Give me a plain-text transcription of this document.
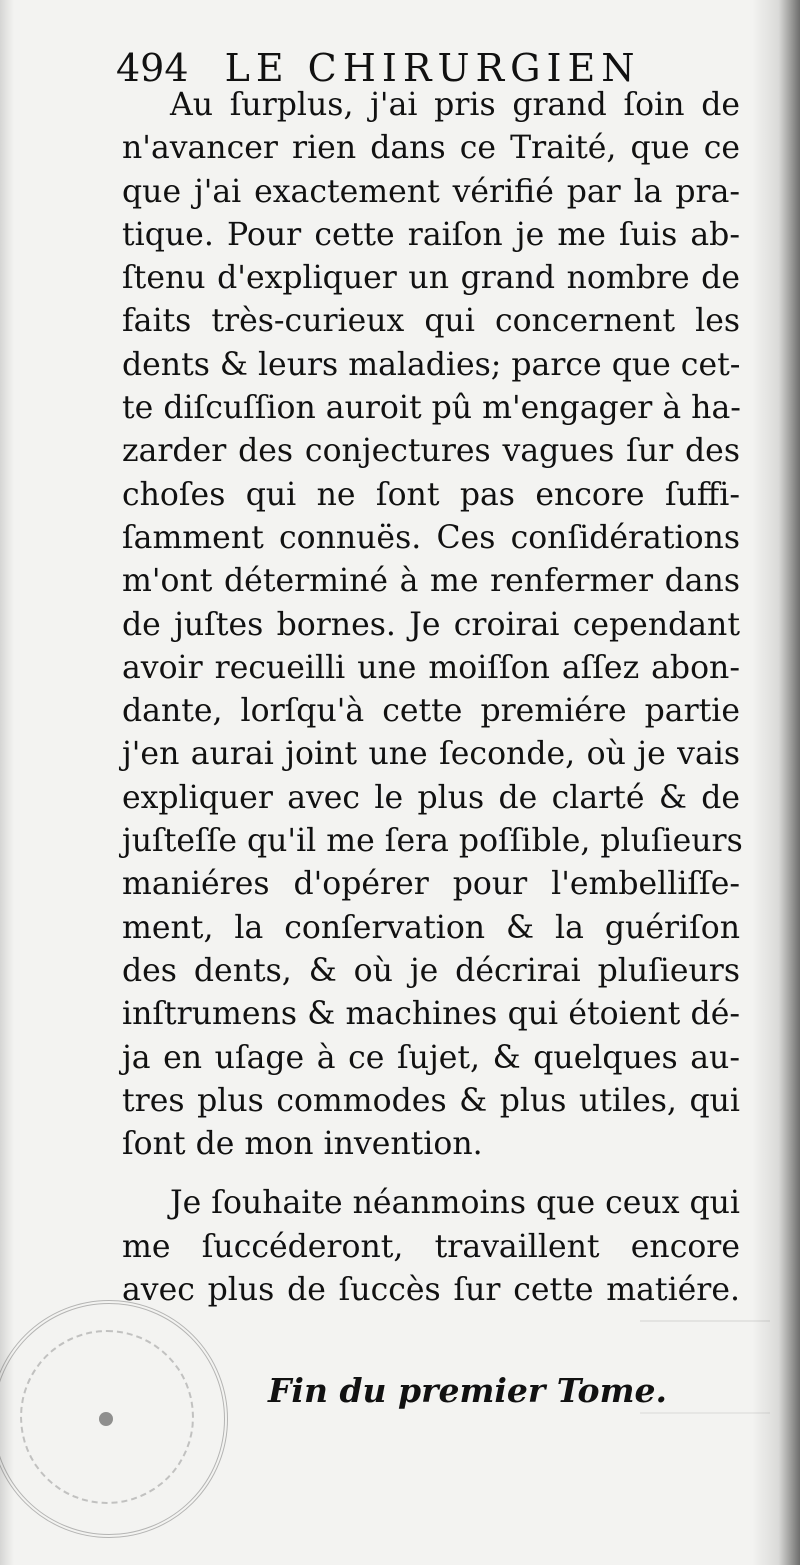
494 LE CHIRURGIEN
Au ſurplus, j'ai pris grand ſoin de
n'avancer rien dans ce Traité, que ce
que j'ai exactement vérifié par la pra-
tique. Pour cette raiſon je me ſuis ab-
ſtenu d'expliquer un grand nombre de
faits très-curieux qui concernent les
dents & leurs maladies; parce que cet-
te diſcuſſion auroit pû m'engager à ha-
zarder des conjectures vagues ſur des
choſes qui ne ſont pas encore ſuffi-
ſamment connuës. Ces conſidérations
m'ont déterminé à me renfermer dans
de juſtes bornes. Je croirai cependant
avoir recueilli une moiſſon aſſez abon-
dante, lorſqu'à cette premiére partie
j'en aurai joint une ſeconde, où je vais
expliquer avec le plus de clarté & de
juſteſſe qu'il me ſera poſſible, pluſieurs
maniéres d'opérer pour l'embelliſſe-
ment, la conſervation & la guériſon
des dents, & où je décrirai pluſieurs
inſtrumens & machines qui étoient dé-
ja en uſage à ce ſujet, & quelques au-
tres plus commodes & plus utiles, qui
ſont de mon invention.
Je ſouhaite néanmoins que ceux qui
me ſuccéderont, travaillent encore
avec plus de ſuccès ſur cette matiére.
Fin du premier Tome.
